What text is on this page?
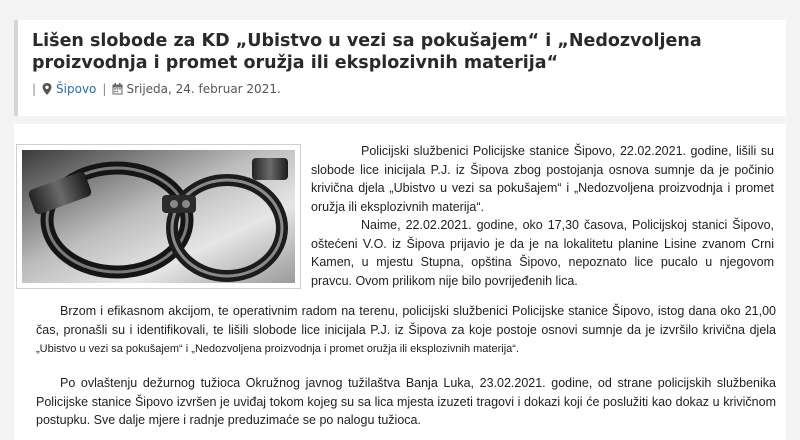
Lišen slobode za KD „Ubistvo u vezi sa pokušajem“ i „Nedozvoljena proizvodnja i promet oružja ili eksplozivnih materija“
| Šipovo | Srijeda, 24. februar 2021.

Policijski službenici Policijske stanice Šipovo, 22.02.2021. godine, lišili su slobode lice inicijala P.J. iz Šipova zbog postojanja osnova sumnje da je počinio krivična djela „Ubistvo u vezi sa pokušajem“ i „Nedozvoljena proizvodnja i promet oružja ili eksplozivnih materija“.

Naime, 22.02.2021. godine, oko 17,30 časova, Policijskoj stanici Šipovo, oštećeni V.O. iz Šipova prijavio je da je na lokalitetu planine Lisine zvanom Crni Kamen, u mjestu Stupna, opština Šipovo, nepoznato lice pucalo u njegovom pravcu. Ovom prilikom nije bilo povrijeđenih lica.

Brzom i efikasnom akcijom, te operativnim radom na terenu, policijski službenici Policijske stanice Šipovo, istog dana oko 21,00 čas, pronašli su i identifikovali, te lišili slobode lice inicijala P.J. iz Šipova za koje postoje osnovi sumnje da je izvršilo krivična djela „Ubistvo u vezi sa pokušajem“ i „Nedozvoljena proizvodnja i promet oružja ili eksplozivnih materija“.

Po ovlaštenju dežurnog tužioca Okružnog javnog tužilaštva Banja Luka, 23.02.2021. godine, od strane policijskih službenika Policijske stanice Šipovo izvršen je uviđaj tokom kojeg su sa lica mjesta izuzeti tragovi i dokazi koji će poslužiti kao dokaz u krivičnom postupku. Sve dalje mjere i radnje preduzimaće se po nalogu tužioca.
